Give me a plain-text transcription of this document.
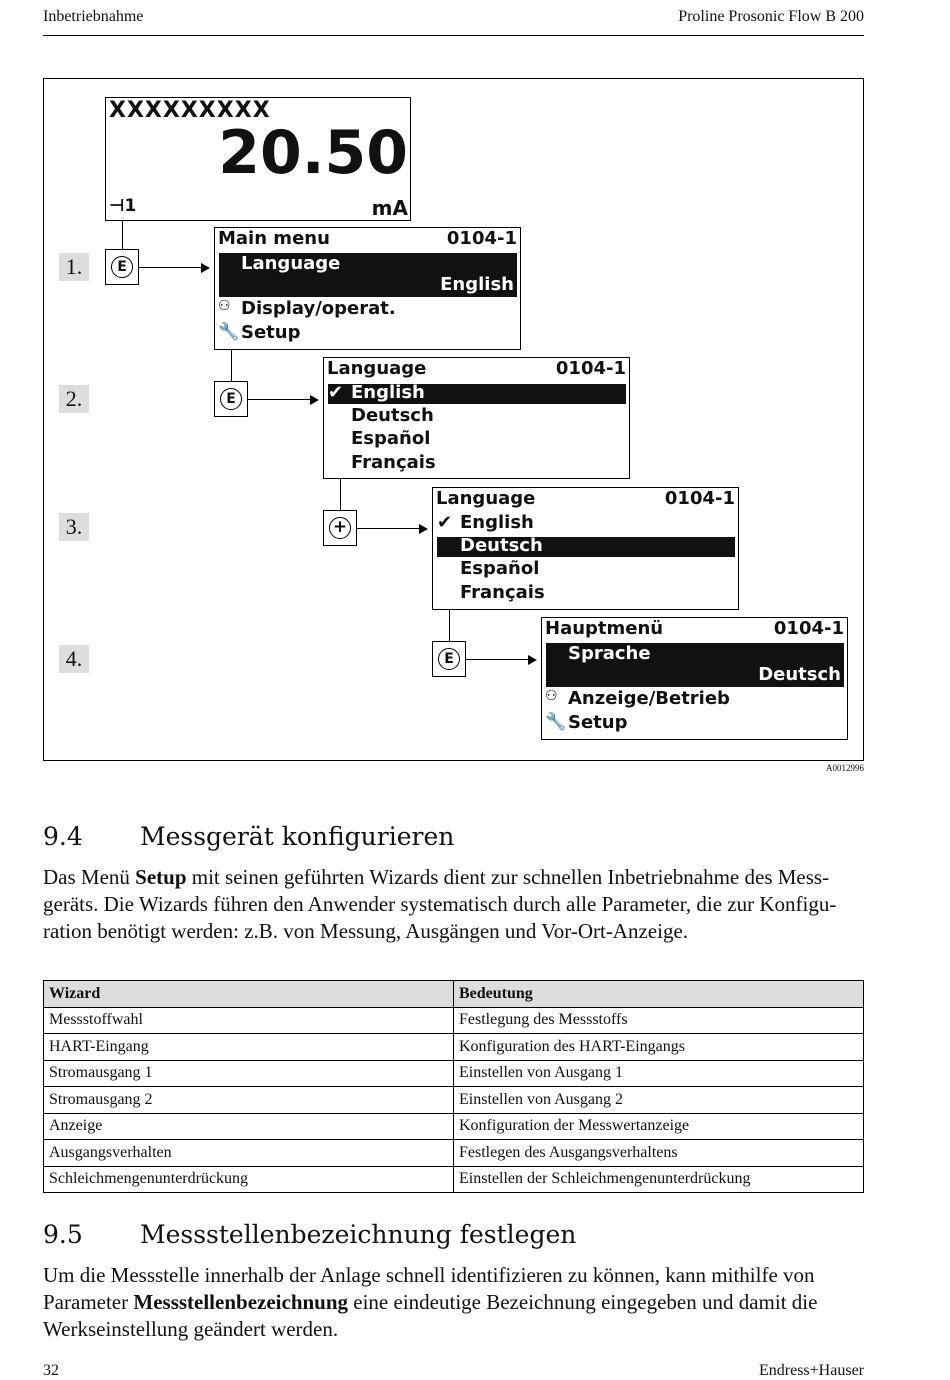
Inbetriebnahme	Proline Prosonic Flow B 200
XXXXXXXXX
20.50
⊣1	mA
1.
2.
3.
4.
E
Main menu	0104-1
Language
English
⚇ Display/operat.
🔧 Setup
E
Language	0104-1
✔ English
Deutsch
Español
Français
+
Language	0104-1
✔ English
Deutsch
Español
Français
E
Hauptmenü	0104-1
Sprache
Deutsch
⚇ Anzeige/Betrieb
🔧 Setup
A0012996
9.4 Messgerät konfigurieren

Das Menü Setup mit seinen geführten Wizards dient zur schnellen Inbetriebnahme des Mess-geräts. Die Wizards führen den Anwender systematisch durch alle Parameter, die zur Konfigu-ration benötigt werden: z.B. von Messung, Ausgängen und Vor-Ort-Anzeige.

Wizard	Bedeutung
Messstoffwahl	Festlegung des Messstoffs
HART-Eingang	Konfiguration des HART-Eingangs
Stromausgang 1	Einstellen von Ausgang 1
Stromausgang 2	Einstellen von Ausgang 2
Anzeige	Konfiguration der Messwertanzeige
Ausgangsverhalten	Festlegen des Ausgangsverhaltens
Schleichmengenunterdrückung	Einstellen der Schleichmengenunterdrückung
9.5 Messstellenbezeichnung festlegen

Um die Messstelle innerhalb der Anlage schnell identifizieren zu können, kann mithilfe von Parameter Messstellenbezeichnung eine eindeutige Bezeichnung eingegeben und damit die Werkseinstellung geändert werden.

32	Endress+Hauser
